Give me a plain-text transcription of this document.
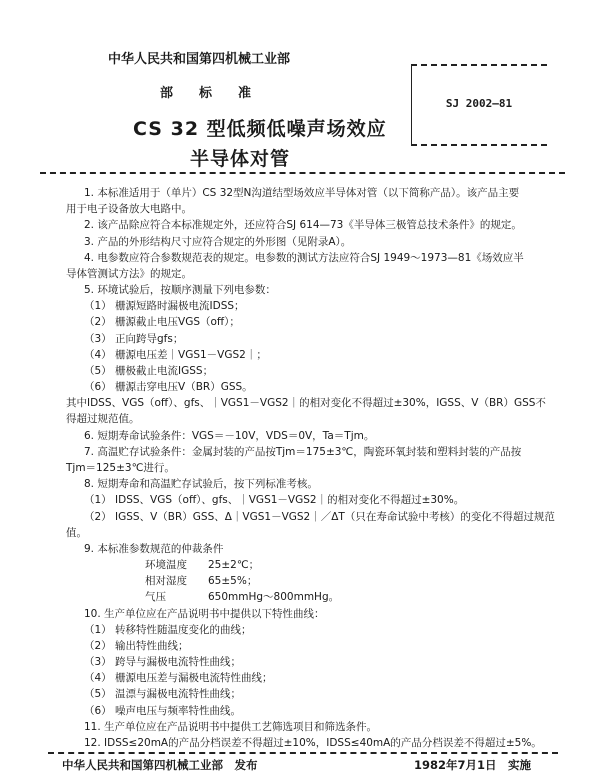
中华人民共和国第四机械工业部
部　　标　　准
CS 32 型低频低噪声场效应
半导体对管
SJ 2002—81
1. 本标准适用于（单片）CS 32型N沟道结型场效应半导体对管（以下简称产品）。该产品主要
用于电子设备放大电路中。
2. 该产品除应符合本标准规定外，还应符合SJ 614—73《半导体三极管总技术条件》的规定。
3. 产品的外形结构尺寸应符合规定的外形图（见附录A）。
4. 电参数应符合参数规范表的规定。电参数的测试方法应符合SJ 1949～1973—81《场效应半
导体管测试方法》的规定。
5. 环境试验后，按顺序测量下列电参数：
（1） 栅源短路时漏极电流IDSS；
（2） 栅源截止电压VGS（off）；
（3） 正向跨导gfs；
（4） 栅源电压差｜VGS1－VGS2｜；
（5） 栅极截止电流IGSS；
（6） 栅源击穿电压V（BR）GSS。
其中IDSS、VGS（off）、gfs、｜VGS1－VGS2｜的相对变化不得超过±30%，IGSS、V（BR）GSS不
得超过规范值。
6. 短期寿命试验条件：VGS＝－10V，VDS＝0V，Ta＝Tjm。
7. 高温贮存试验条件：金属封装的产品按Tjm＝175±3℃，陶瓷环氧封装和塑料封装的产品按
Tjm＝125±3℃进行。
8. 短期寿命和高温贮存试验后，按下列标准考核。
（1） IDSS、VGS（off）、gfs、｜VGS1－VGS2｜的相对变化不得超过±30%。
（2） IGSS、V（BR）GSS、Δ｜VGS1－VGS2｜／ΔT（只在寿命试验中考核）的变化不得超过规范
值。
9. 本标准参数规范的仲裁条件
环境温度　　25±2℃；
相对湿度　　65±5%；
气压　　　　650mmHg～800mmHg。
10. 生产单位应在产品说明书中提供以下特性曲线：
（1） 转移特性随温度变化的曲线；
（2） 输出特性曲线；
（3） 跨导与漏极电流特性曲线；
（4） 栅源电压差与漏极电流特性曲线；
（5） 温漂与漏极电流特性曲线；
（6） 噪声电压与频率特性曲线。
11. 生产单位应在产品说明书中提供工艺筛选项目和筛选条件。
12. IDSS≤20mA的产品分档误差不得超过±10%，IDSS≤40mA的产品分档误差不得超过±5%。
中华人民共和国第四机械工业部　发布	1982年7月1日　实施
